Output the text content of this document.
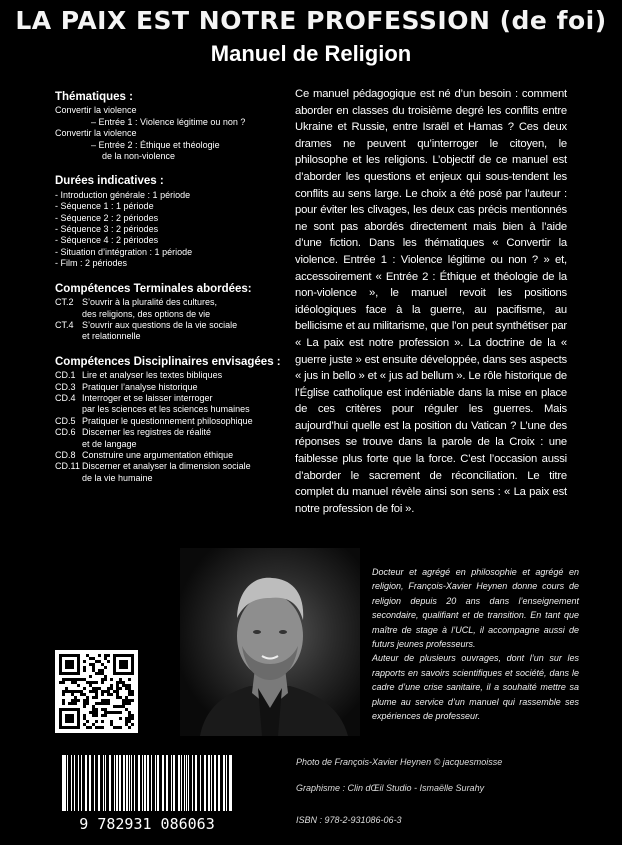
LA PAIX EST NOTRE PROFESSION (de foi)
Manuel de Religion
Thématiques :
Convertir la violence
– Entrée 1 : Violence légitime ou non ?
Convertir la violence
– Entrée 2 : Éthique et théologie
de la non-violence
Durées indicatives :
- Introduction générale : 1 période
- Séquence 1 : 1 période
- Séquence 2 : 2 périodes
- Séquence 3 : 2 périodes
- Séquence 4 : 2 périodes
- Situation d’intégration : 1 période
- Film : 2 périodes
Compétences Terminales abordées:
CT.2 S’ouvrir à la pluralité des cultures,
des religions, des options de vie
CT.4 S’ouvrir aux questions de la vie sociale
et relationnelle
Compétences Disciplinaires envisagées :
CD.1 Lire et analyser les textes bibliques
CD.3 Pratiquer l’analyse historique
CD.4 Interroger et se laisser interroger
par les sciences et les sciences humaines
CD.5 Pratiquer le questionnement philosophique
CD.6 Discerner les registres de réalité
et de langage
CD.8 Construire une argumentation éthique
CD.11 Discerner et analyser la dimension sociale
de la vie humaine
Ce manuel pédagogique est né d’un besoin : comment aborder en classes du troisième degré les conflits entre Ukraine et Russie, entre Israël et Hamas ? Ces deux drames ne peuvent qu’interroger le citoyen, le philosophe et les religions. L’objectif de ce manuel est d’aborder les questions et enjeux qui sous-tendent les conflits au sens large. Le choix a été posé par l’auteur : pour éviter les clivages, les deux cas précis mentionnés ne sont pas abordés directement mais bien à l’aide d’une fiction. Dans les thématiques « Convertir la violence. Entrée 1 : Violence légitime ou non ? » et, accessoirement « Entrée 2 : Éthique et théologie de la non-violence », le manuel revoit les positions idéologiques face à la guerre, au pacifisme, au bellicisme et au militarisme, que l’on peut synthétiser par « La paix est notre profession ». La doctrine de la « guerre juste » est ensuite développée, dans ses aspects « jus in bello » et « jus ad bellum ». Le rôle historique de l’Église catholique est indéniable dans la mise en place de ces critères pour réguler les guerres. Mais aujourd’hui quelle est la position du Vatican ? L’une des réponses se trouve dans la parole de la Croix : une faiblesse plus forte que la force. C’est l’occasion aussi d’aborder le sacrement de réconciliation. Le titre complet du manuel révèle ainsi son sens : « La paix est notre profession de foi ».

Docteur et agrégé en philosophie et agrégé en religion, François-Xavier Heynen donne cours de religion depuis 20 ans dans l’enseignement secondaire, qualifiant et de transition. En tant que maître de stage à l’UCL, il accompagne aussi de futurs jeunes professeurs.

Auteur de plusieurs ouvrages, dont l’un sur les rapports en savoirs scientifiques et société, dans le cadre d’une crise sanitaire, il a souhaité mettre sa plume au service d’un manuel qui rassemble ses expériences de professeur.

9 782931 086063
Photo de François-Xavier Heynen © jacquesmoisse
Graphisme : Clin dŒil Studio - Ismaëlle Surahy
ISBN : 978-2-931086-06-3
